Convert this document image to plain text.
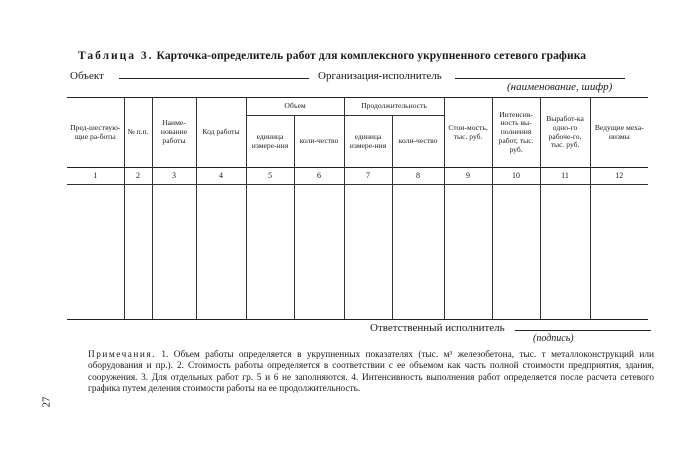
Таблица 3. Карточка-определитель работ для комплексного укрупненного сетевого графика
Объект	Организация-исполнитель
(наименование, шифр)
Пред-шествую-щие ра-боты	№ п.п.	Наиме-нование работы	Код работы	Объем		Продолжительность		Стои-мость, тыс. руб.	Интенсив-ность вы-полнения работ, тыс. руб.	Выработ-ка одно-го рабоче-го, тыс. руб.	Ведущие меха-низмы
				единица измере-ния	коли-чество	единица измере-ния	коли-чество				
1	2	3	4	5	6	7	8	9	10	11	12

Ответственный исполнитель
(подпись)
Примечания. 1. Объем работы определяется в укрупненных показателях (тыс. м³ железобетона, тыс. т металлоконструкций или оборудования и пр.). 2. Стоимость работы определяется в соответствии с ее объемом как часть полной стоимости предприятия, здания, сооружения. 3. Для отдельных работ гр. 5 и 6 не заполняются. 4. Интенсивность выполнения работ определяется после расчета сетевого графика путем деления стоимости работы на ее продолжительность.
27
